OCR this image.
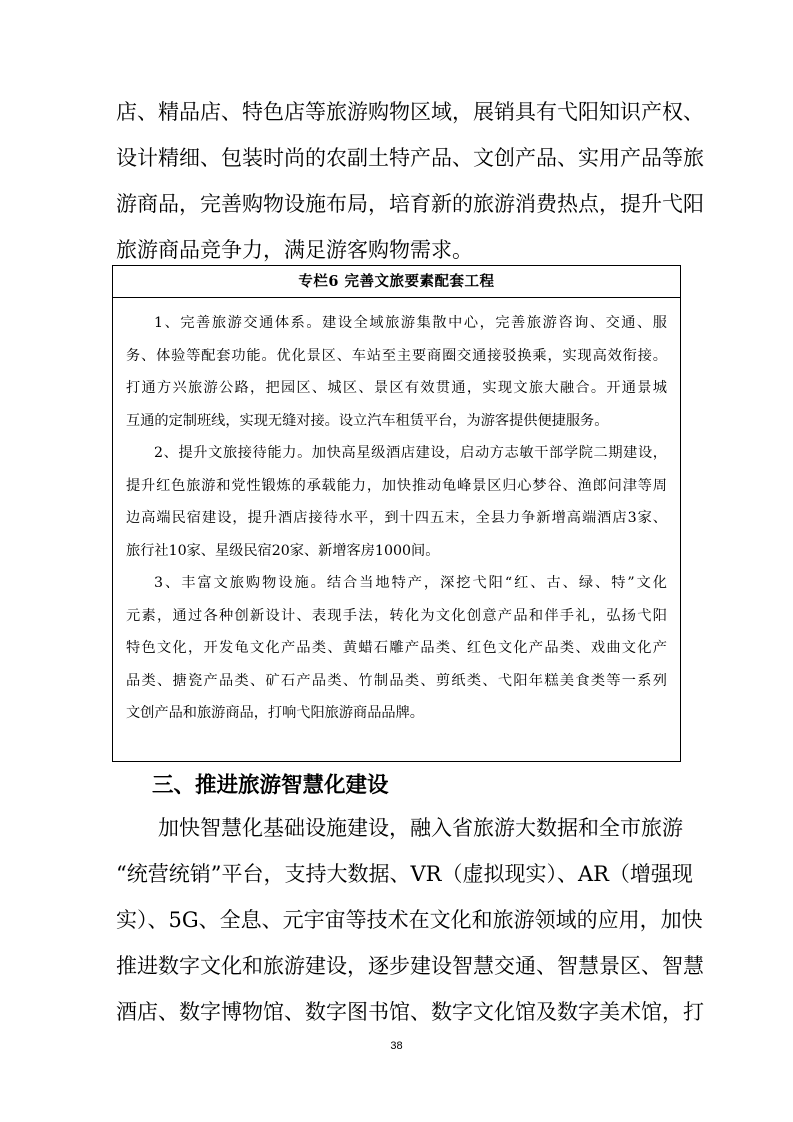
店、精品店、特色店等旅游购物区域，展销具有弋阳知识产权、
设计精细、包装时尚的农副土特产品、文创产品、实用产品等旅
游商品，完善购物设施布局，培育新的旅游消费热点，提升弋阳
旅游商品竞争力，满足游客购物需求。
专栏6 完善文旅要素配套工程
1、完善旅游交通体系。建设全域旅游集散中心，完善旅游咨询、交通、服
务、体验等配套功能。优化景区、车站至主要商圈交通接驳换乘，实现高效衔接。
打通方兴旅游公路，把园区、城区、景区有效贯通，实现文旅大融合。开通景城
互通的定制班线，实现无缝对接。设立汽车租赁平台，为游客提供便捷服务。
2、提升文旅接待能力。加快高星级酒店建设，启动方志敏干部学院二期建设，
提升红色旅游和党性锻炼的承载能力，加快推动龟峰景区归心梦谷、渔郎问津等周
边高端民宿建设，提升酒店接待水平，到十四五末，全县力争新增高端酒店3家、
旅行社10家、星级民宿20家、新增客房1000间。
3、丰富文旅购物设施。结合当地特产，深挖弋阳“红、古、绿、特”文化
元素，通过各种创新设计、表现手法，转化为文化创意产品和伴手礼，弘扬弋阳
特色文化，开发龟文化产品类、黄蜡石雕产品类、红色文化产品类、戏曲文化产
品类、搪瓷产品类、矿石产品类、竹制品类、剪纸类、弋阳年糕美食类等一系列
文创产品和旅游商品，打响弋阳旅游商品品牌。
三、推进旅游智慧化建设
加快智慧化基础设施建设，融入省旅游大数据和全市旅游
“统营统销”平台，支持大数据、VR（虚拟现实）、AR（增强现
实）、5G、全息、元宇宙等技术在文化和旅游领域的应用，加快
推进数字文化和旅游建设，逐步建设智慧交通、智慧景区、智慧
酒店、数字博物馆、数字图书馆、数字文化馆及数字美术馆，打
38
